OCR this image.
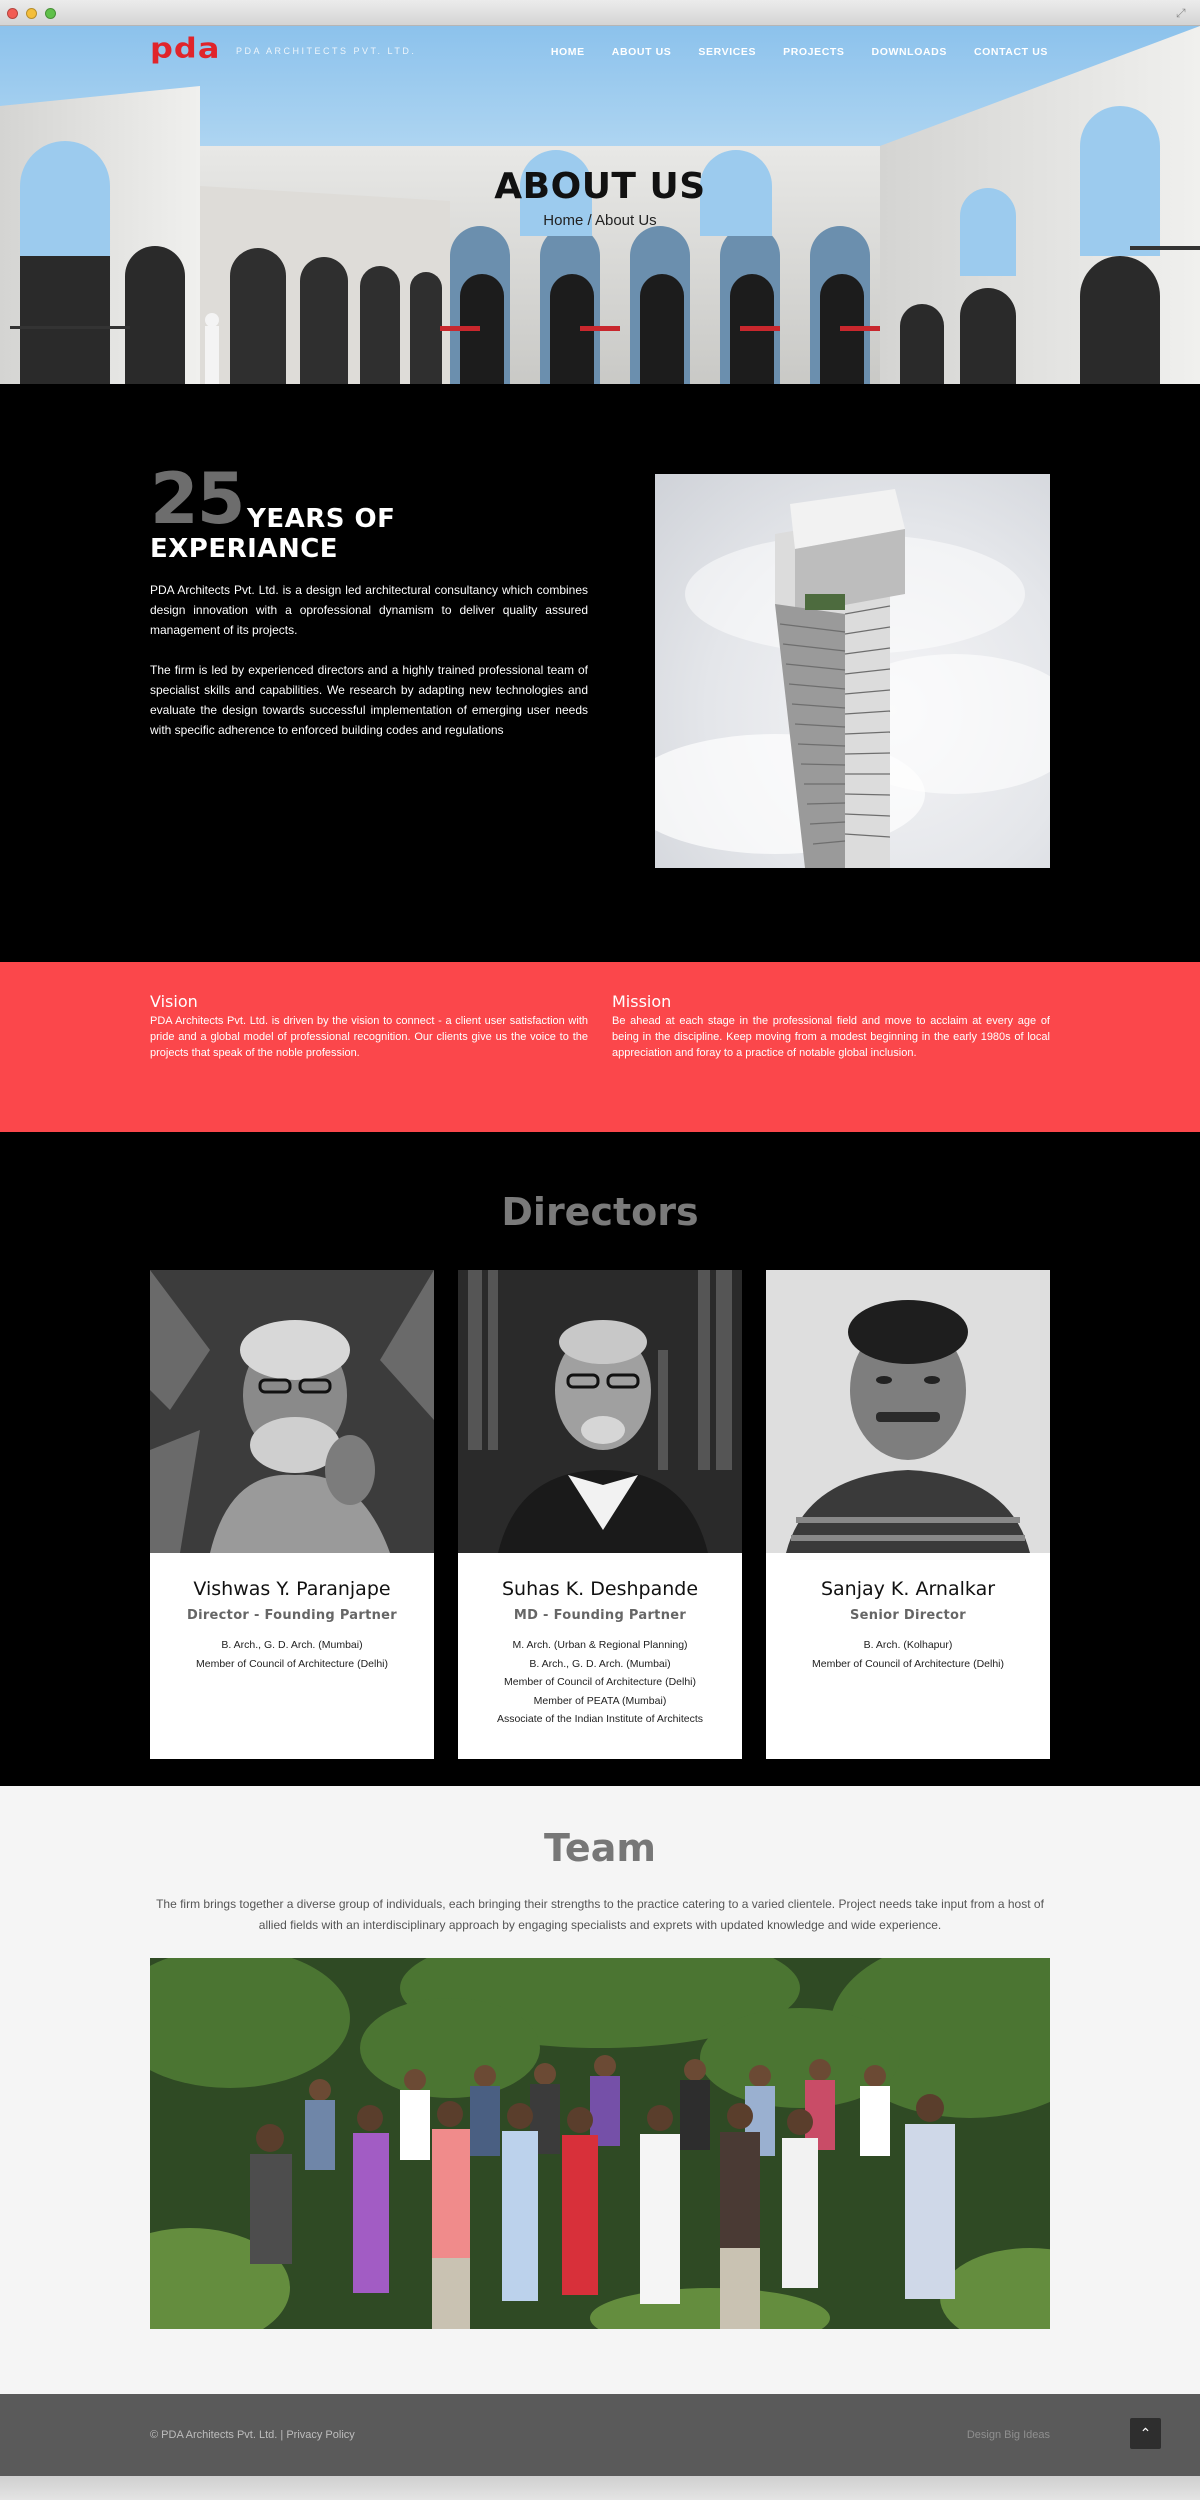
⤢
pda PDA ARCHITECTS PVT. LTD.	HOME	ABOUT US	SERVICES	PROJECTS	DOWNLOADS	CONTACT US
ABOUT US
Home / About Us
25 YEARS OF
EXPERIANCE

PDA Architects Pvt. Ltd. is a design led architectural consultancy which combines design innovation with a oprofessional dynamism to deliver quality assured management of its projects.

The firm is led by experienced directors and a highly trained professional team of specialist skills and capabilities. We research by adapting new technologies and evaluate the design towards successful implementation of emerging user needs with specific adherence to enforced building codes and regulations

Vision

PDA Architects Pvt. Ltd. is driven by the vision to connect - a client user satisfaction with pride and a global model of professional recognition. Our clients give us the voice to the projects that speak of the noble profession.

Mission

Be ahead at each stage in the professional field and move to acclaim at every age of being in the discipline. Keep moving from a modest beginning in the early 1980s of local appreciation and foray to a practice of notable global inclusion.

Directors
Vishwas Y. Paranjape
Director - Founding Partner
B. Arch., G. D. Arch. (Mumbai)
Member of Council of Architecture (Delhi)
Suhas K. Deshpande
MD - Founding Partner
M. Arch. (Urban & Regional Planning)
B. Arch., G. D. Arch. (Mumbai)
Member of Council of Architecture (Delhi)
Member of PEATA (Mumbai)
Associate of the Indian Institute of Architects
Sanjay K. Arnalkar
Senior Director
B. Arch. (Kolhapur)
Member of Council of Architecture (Delhi)
Team

The firm brings together a diverse group of individuals, each bringing their strengths to the practice catering to a varied clientele. Project needs take input from a host of allied fields with an interdisciplinary approach by engaging specialists and exprets with updated knowledge and wide experience.

© PDA Architects Pvt. Ltd. | Privacy Policy	Design Big Ideas	⌃
